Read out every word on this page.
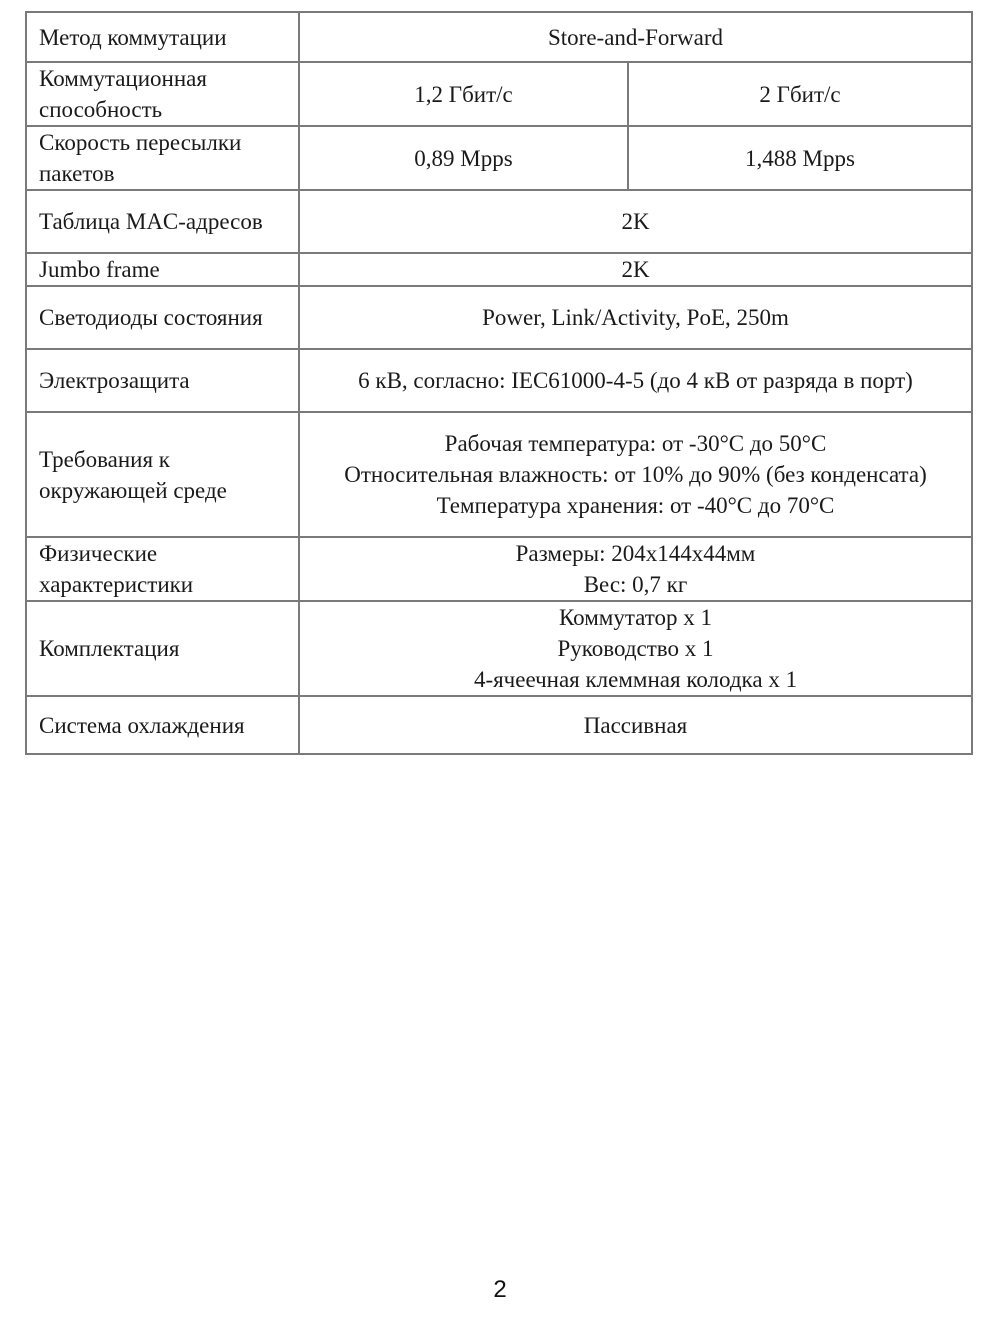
Метод коммутации	Store-and-Forward	
Коммутационная способность	1,2 Гбит/с	2 Гбит/с
Скорость пересылки пакетов	0,89 Mpps	1,488 Mpps
Таблица MAC-адресов	2K	
Jumbo frame	2K	
Светодиоды состояния	Power, Link/Activity, PoE, 250m	
Электрозащита	6 кВ, согласно: IEC61000-4-5 (до 4 кВ от разряда в порт)	
Требования к окружающей среде	Рабочая температура: от -30°С до 50°С
Относительная влажность: от 10% до 90% (без конденсата)
Температура хранения: от -40°С до 70°С	

Физические характеристики	Размеры: 204х144х44мм
Вес: 0,7 кг	

Комплектация	Коммутатор х 1
Руководство х 1
4-ячеечная клеммная колодка х 1	

Система охлаждения	Пассивная	
2
